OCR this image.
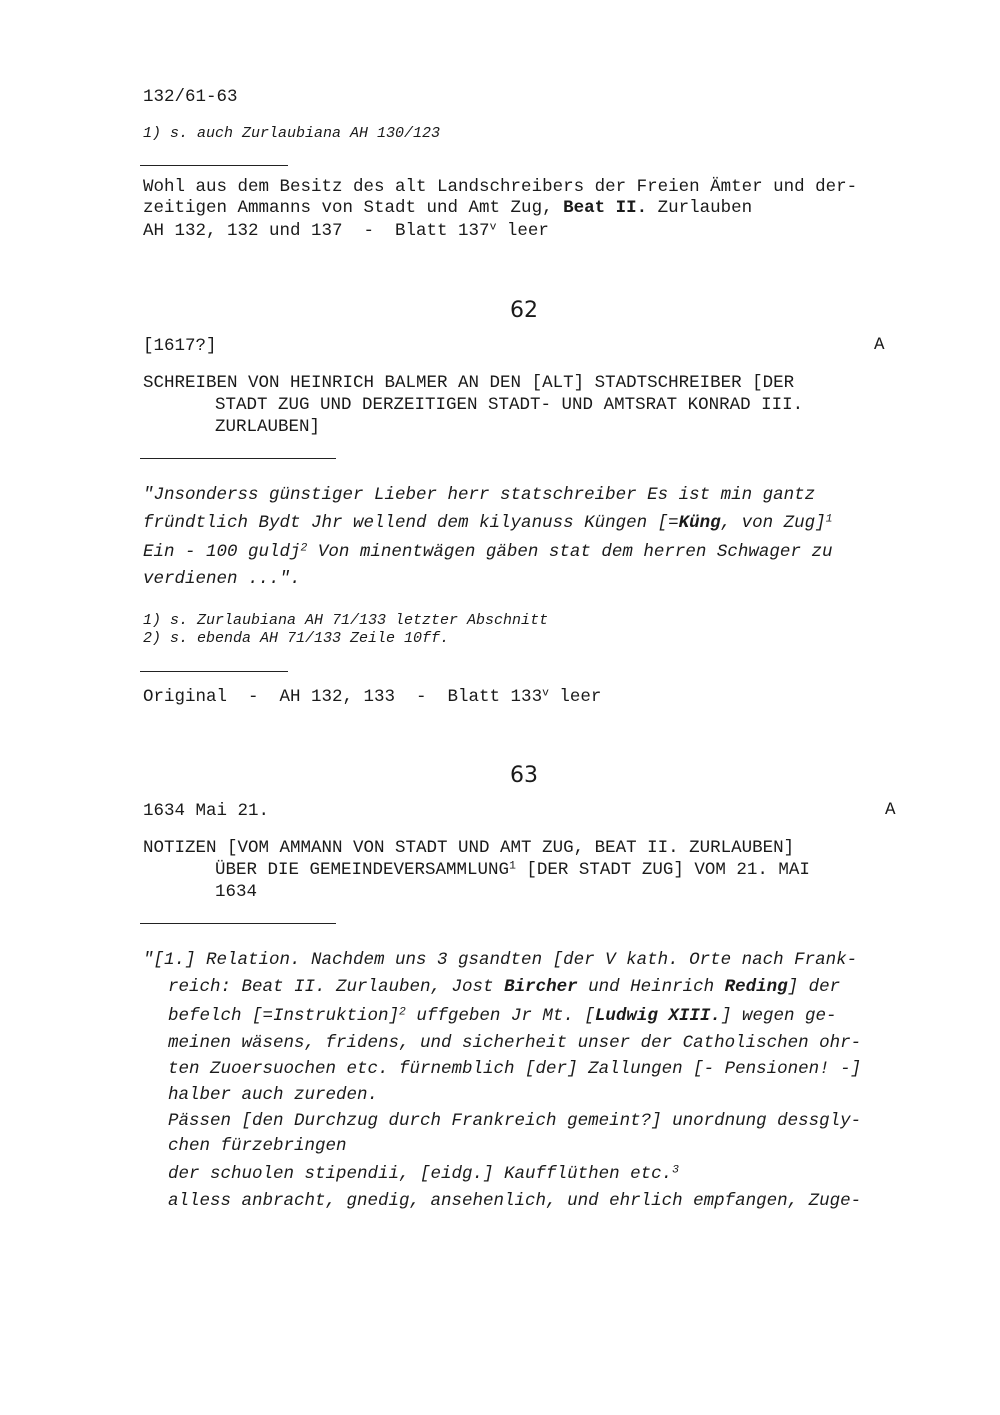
132/61-63
1) s. auch Zurlaubiana AH 130/123
Wohl aus dem Besitz des alt Landschreibers der Freien Ämter und der-
zeitigen Ammanns von Stadt und Amt Zug, Beat II. Zurlauben
AH 132, 132 und 137  -  Blatt 137$^v$ leer
62
[1617?]	A
SCHREIBEN VON HEINRICH BALMER AN DEN [ALT] STADTSCHREIBER [DER
STADT ZUG UND DERZEITIGEN STADT- UND AMTSRAT KONRAD III.
ZURLAUBEN]
"Jnsonderss günstiger Lieber herr statschreiber Es ist min gantz
fründtlich Bydt Jhr wellend dem kilyanuss Küngen [=Küng, von Zug]$^1$
Ein - 100 guldj$^2$ Von minentwägen gäben stat dem herren Schwager zu
verdienen ...".
1) s. Zurlaubiana AH 71/133 letzter Abschnitt
2) s. ebenda AH 71/133 Zeile 10ff.
Original  -  AH 132, 133  -  Blatt 133$^v$ leer
63
1634 Mai 21.	A
NOTIZEN [VOM AMMANN VON STADT UND AMT ZUG, BEAT II. ZURLAUBEN]
ÜBER DIE GEMEINDEVERSAMMLUNG$^1$ [DER STADT ZUG] VOM 21. MAI
1634
"[1.] Relation. Nachdem uns 3 gsandten [der V kath. Orte nach Frank-
reich: Beat II. Zurlauben, Jost Bircher und Heinrich Reding] der
befelch [=Instruktion]$^2$ uffgeben Jr Mt. [Ludwig XIII.] wegen ge-
meinen wäsens, fridens, und sicherheit unser der Catholischen ohr-
ten Zuoersuochen etc. fürnemblich [der] Zallungen [- Pensionen! -]
halber auch zureden.
Pässen [den Durchzug durch Frankreich gemeint?] unordnung dessgly-
chen fürzebringen
der schuolen stipendii, [eidg.] Kaufflüthen etc.$^3$
alless anbracht, gnedig, ansehenlich, und ehrlich empfangen, Zuge-
